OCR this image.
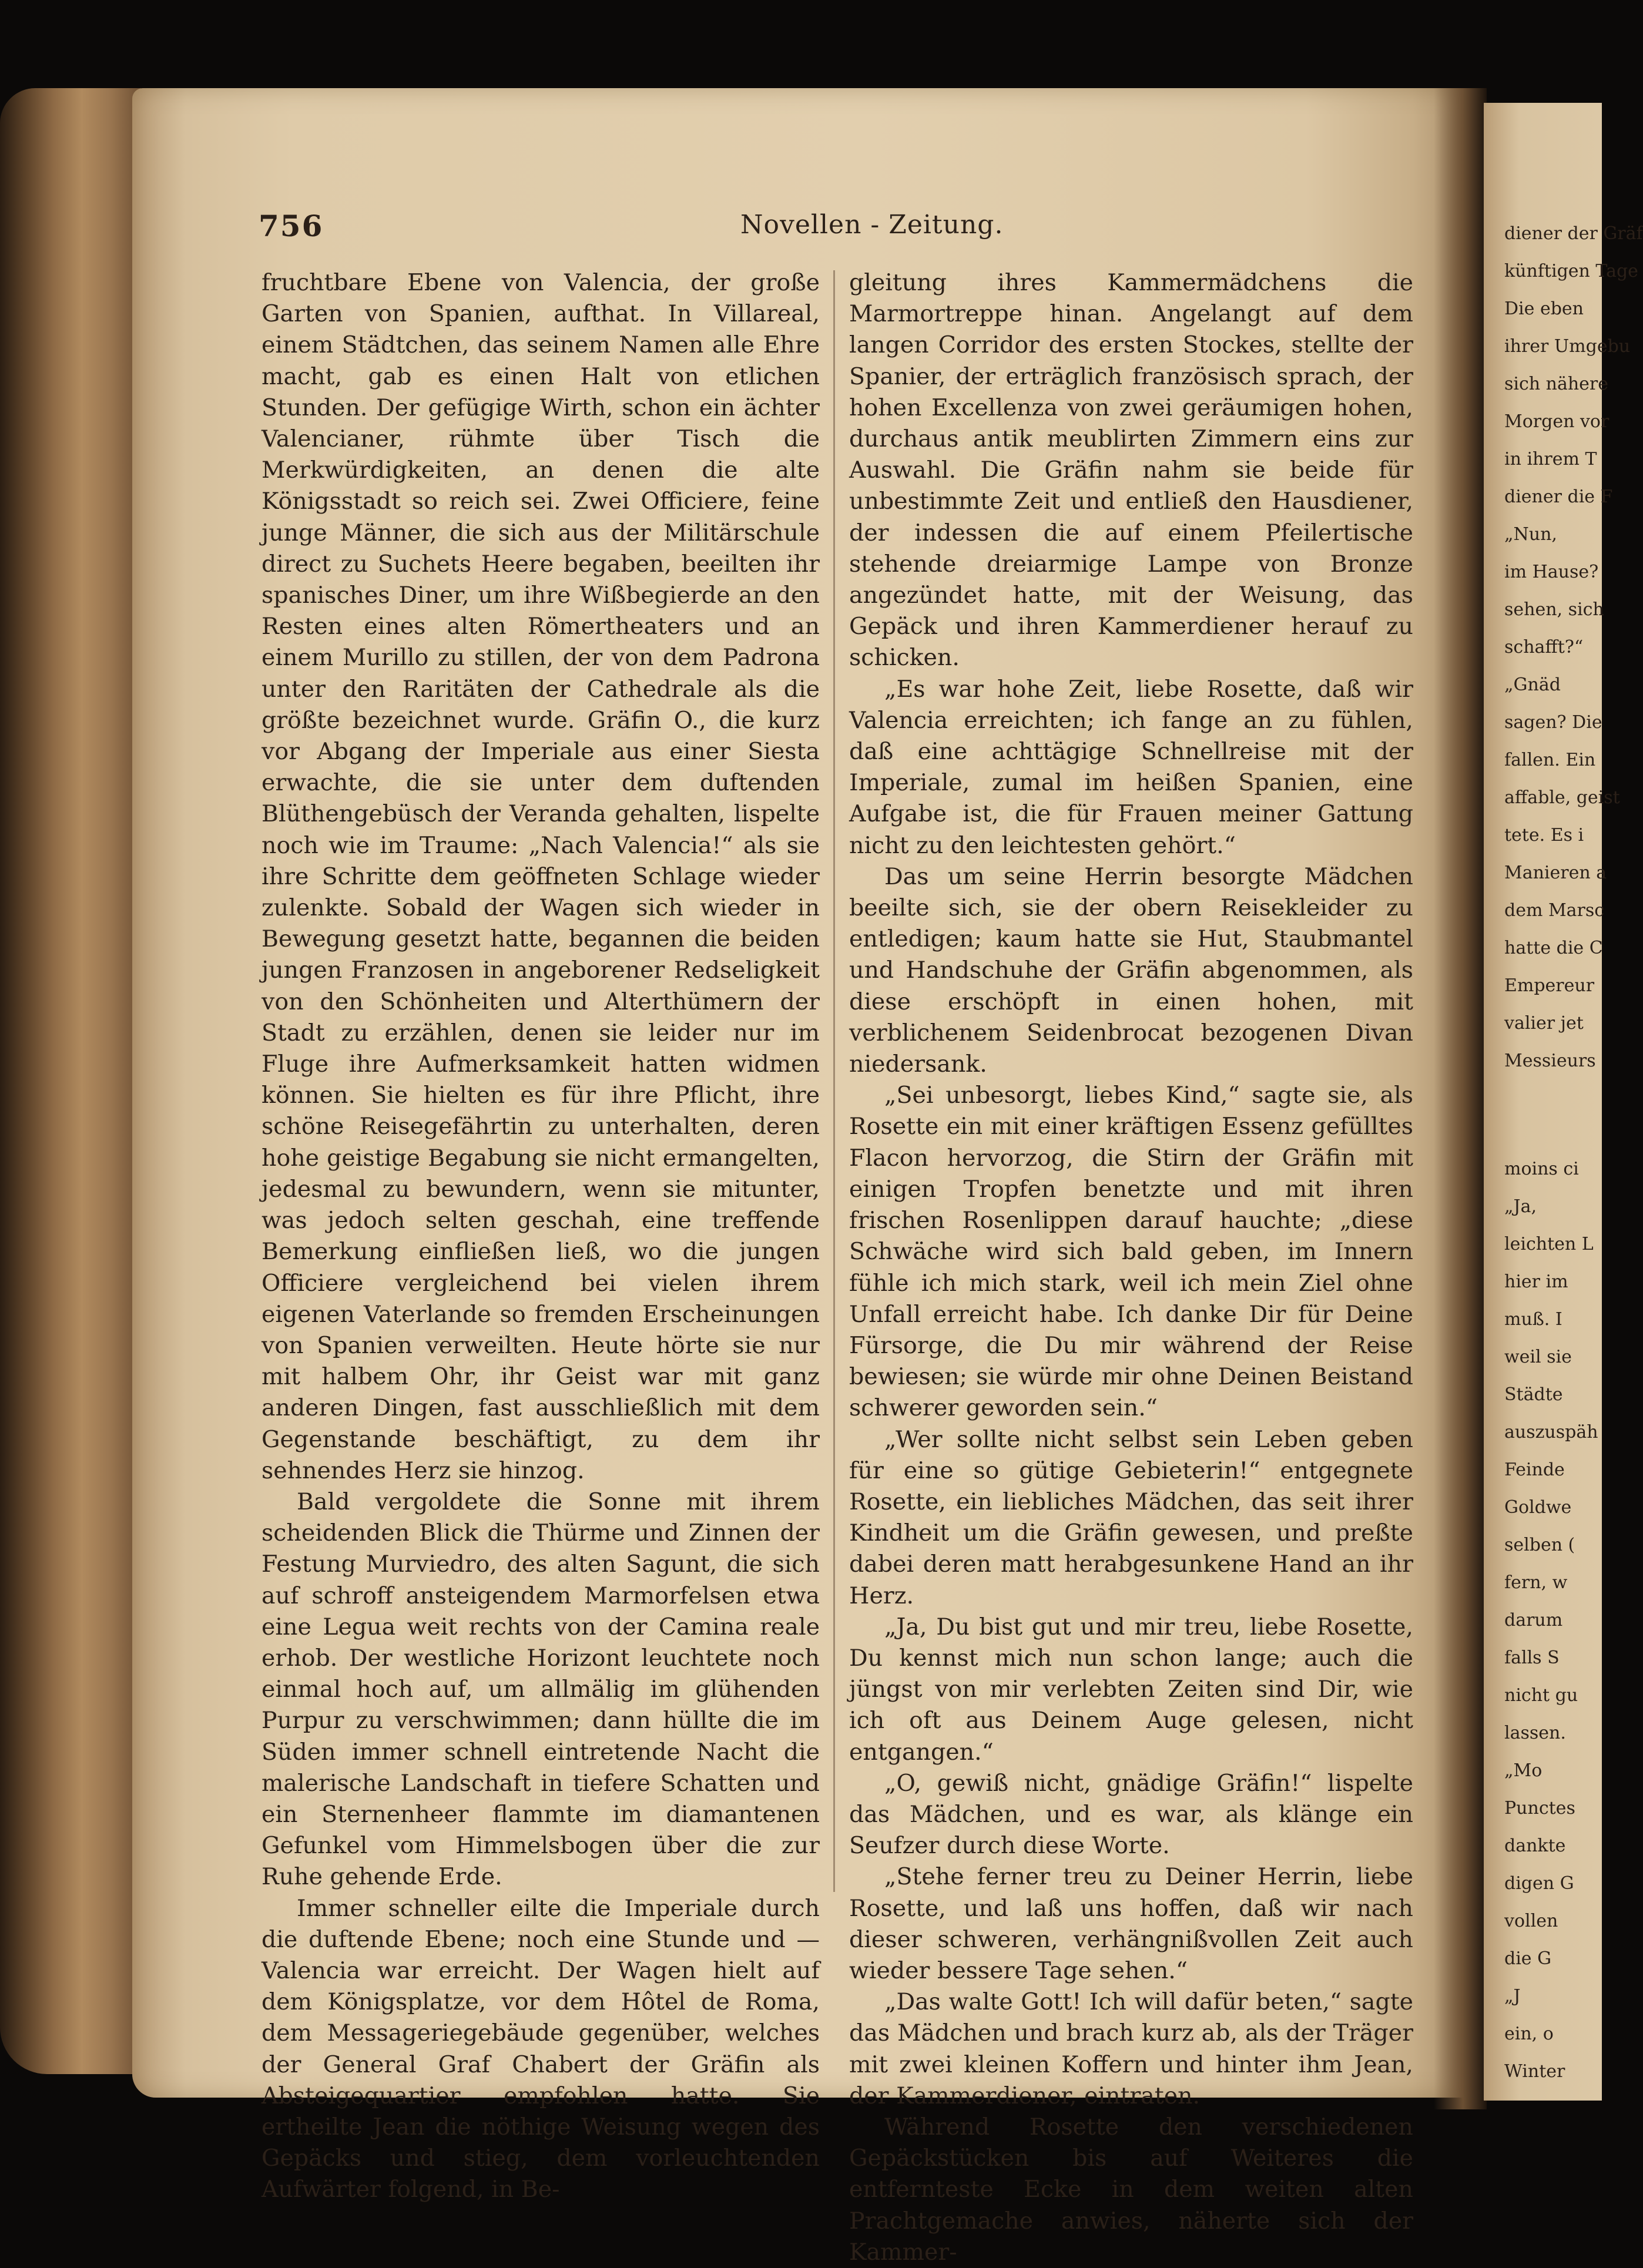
756	Novellen - Zeitung.

fruchtbare Ebene von Valencia, der große Garten von Spanien, aufthat. In Villareal, einem Städtchen, das seinem Namen alle Ehre macht, gab es einen Halt von etlichen Stunden. Der gefügige Wirth, schon ein ächter Valencianer, rühmte über Tisch die Merkwürdigkeiten, an denen die alte Königsstadt so reich sei. Zwei Officiere, feine junge Männer, die sich aus der Militärschule direct zu Suchets Heere begaben, beeilten ihr spanisches Diner, um ihre Wißbegierde an den Resten eines alten Römertheaters und an einem Murillo zu stillen, der von dem Padrona unter den Raritäten der Cathedrale als die größte bezeichnet wurde. Gräfin O., die kurz vor Abgang der Imperiale aus einer Siesta erwachte, die sie unter dem duftenden Blüthengebüsch der Veranda gehalten, lispelte noch wie im Traume: „Nach Valencia!“ als sie ihre Schritte dem geöffneten Schlage wieder zulenkte. Sobald der Wagen sich wieder in Bewegung gesetzt hatte, begannen die beiden jungen Franzosen in angeborener Redseligkeit von den Schönheiten und Alterthümern der Stadt zu erzählen, denen sie leider nur im Fluge ihre Aufmerksamkeit hatten widmen können. Sie hielten es für ihre Pflicht, ihre schöne Reisegefährtin zu unterhalten, deren hohe geistige Begabung sie nicht ermangelten, jedesmal zu bewundern, wenn sie mitunter, was jedoch selten geschah, eine treffende Bemerkung einfließen ließ, wo die jungen Officiere vergleichend bei vielen ihrem eigenen Vaterlande so fremden Erscheinungen von Spanien verweilten. Heute hörte sie nur mit halbem Ohr, ihr Geist war mit ganz anderen Dingen, fast ausschließlich mit dem Gegenstande beschäftigt, zu dem ihr sehnendes Herz sie hinzog.

Bald vergoldete die Sonne mit ihrem scheidenden Blick die Thürme und Zinnen der Festung Murviedro, des alten Sagunt, die sich auf schroff ansteigendem Marmorfelsen etwa eine Legua weit rechts von der Camina reale erhob. Der westliche Horizont leuchtete noch einmal hoch auf, um allmälig im glühenden Purpur zu verschwimmen; dann hüllte die im Süden immer schnell eintretende Nacht die malerische Landschaft in tiefere Schatten und ein Sternenheer flammte im diamantenen Gefunkel vom Himmelsbogen über die zur Ruhe gehende Erde.

Immer schneller eilte die Imperiale durch die duftende Ebene; noch eine Stunde und — Valencia war erreicht. Der Wagen hielt auf dem Königsplatze, vor dem Hôtel de Roma, dem Messageriegebäude gegenüber, welches der General Graf Chabert der Gräfin als Absteigequartier empfohlen hatte. Sie ertheilte Jean die nöthige Weisung wegen des Gepäcks und stieg, dem vorleuchtenden Aufwärter folgend, in Be-

gleitung ihres Kammermädchens die Marmortreppe hinan. Angelangt auf dem langen Corridor des ersten Stockes, stellte der Spanier, der erträglich französisch sprach, der hohen Excellenza von zwei geräumigen hohen, durchaus antik meublirten Zimmern eins zur Auswahl. Die Gräfin nahm sie beide für unbestimmte Zeit und entließ den Hausdiener, der indessen die auf einem Pfeilertische stehende dreiarmige Lampe von Bronze angezündet hatte, mit der Weisung, das Gepäck und ihren Kammerdiener herauf zu schicken.

„Es war hohe Zeit, liebe Rosette, daß wir Valencia erreichten; ich fange an zu fühlen, daß eine achttägige Schnellreise mit der Imperiale, zumal im heißen Spanien, eine Aufgabe ist, die für Frauen meiner Gattung nicht zu den leichtesten gehört.“

Das um seine Herrin besorgte Mädchen beeilte sich, sie der obern Reisekleider zu entledigen; kaum hatte sie Hut, Staubmantel und Handschuhe der Gräfin abgenommen, als diese erschöpft in einen hohen, mit verblichenem Seidenbrocat bezogenen Divan niedersank.

„Sei unbesorgt, liebes Kind,“ sagte sie, als Rosette ein mit einer kräftigen Essenz gefülltes Flacon hervorzog, die Stirn der Gräfin mit einigen Tropfen benetzte und mit ihren frischen Rosenlippen darauf hauchte; „diese Schwäche wird sich bald geben, im Innern fühle ich mich stark, weil ich mein Ziel ohne Unfall erreicht habe. Ich danke Dir für Deine Fürsorge, die Du mir während der Reise bewiesen; sie würde mir ohne Deinen Beistand schwerer geworden sein.“

„Wer sollte nicht selbst sein Leben geben für eine so gütige Gebieterin!“ entgegnete Rosette, ein liebliches Mädchen, das seit ihrer Kindheit um die Gräfin gewesen, und preßte dabei deren matt herabgesunkene Hand an ihr Herz.

„Ja, Du bist gut und mir treu, liebe Rosette, Du kennst mich nun schon lange; auch die jüngst von mir verlebten Zeiten sind Dir, wie ich oft aus Deinem Auge gelesen, nicht entgangen.“

„O, gewiß nicht, gnädige Gräfin!“ lispelte das Mädchen, und es war, als klänge ein Seufzer durch diese Worte.

„Stehe ferner treu zu Deiner Herrin, liebe Rosette, und laß uns hoffen, daß wir nach dieser schweren, verhängnißvollen Zeit auch wieder bessere Tage sehen.“

„Das walte Gott! Ich will dafür beten,“ sagte das Mädchen und brach kurz ab, als der Träger mit zwei kleinen Koffern und hinter ihm Jean, der Kammerdiener, eintraten.

Während Rosette den verschiedenen Gepäckstücken bis auf Weiteres die entfernteste Ecke in dem weiten alten Prachtgemache anwies, näherte sich der Kammer-

diener der Gräf
künftigen Tage
Die eben
ihrer Umgebu
sich nähere
Morgen vor
in ihrem T
diener die F
„Nun,
im Hause?
sehen, sich
schafft?“
„Gnäd
sagen? Die
fallen. Ein
affable, geist
tete. Es i
Manieren a
dem Marsc
hatte die C
Empereur
valier jet
Messieurs
moins ci
„Ja,
leichten L
hier im
muß. I
weil sie
Städte
auszuspäh
Feinde
Goldwe
selben (
fern, w
darum
falls S
nicht gu
lassen.
„Mo
Punctes
dankte
digen G
vollen
die G
„J
ein, o
Winter
